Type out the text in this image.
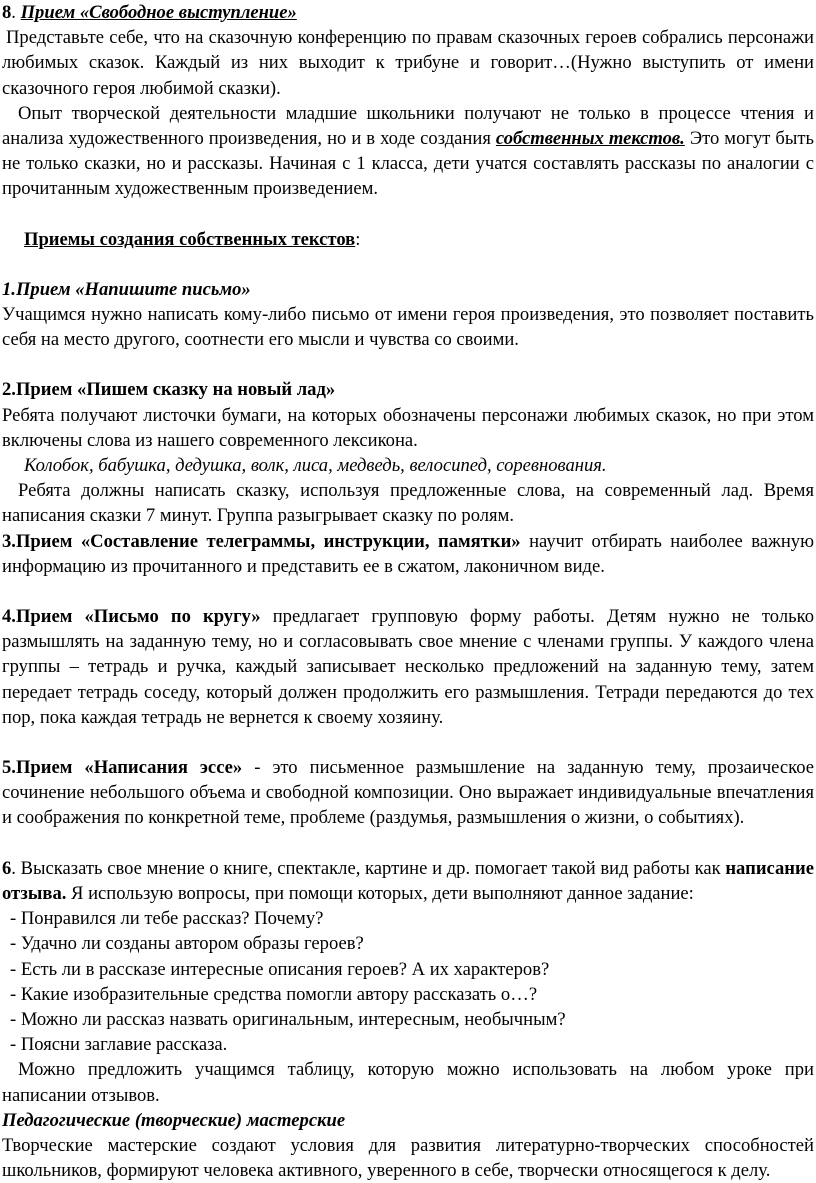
8. Прием «Свободное выступление»

Представьте себе, что на сказочную конференцию по правам сказочных героев собрались персонажи любимых сказок. Каждый из них выходит к трибуне и говорит…(Нужно выступить от имени сказочного героя любимой сказки).

Опыт творческой деятельности младшие школьники получают не только в процессе чтения и анализа художественного произведения, но и в ходе создания собственных текстов. Это могут быть не только сказки, но и рассказы. Начиная с 1 класса, дети учатся составлять рассказы по аналогии с прочитанным художественным произведением.

Приемы создания собственных текстов:

1.Прием «Напишите письмо»

Учащимся нужно написать кому-либо письмо от имени героя произведения, это позволяет поставить себя на место другого, соотнести его мысли и чувства со своими.

2.Прием «Пишем сказку на новый лад»

Ребята получают листочки бумаги, на которых обозначены персонажи любимых сказок, но при этом включены слова из нашего современного лексикона.

Колобок, бабушка, дедушка, волк, лиса, медведь, велосипед, соревнования.

Ребята должны написать сказку, используя предложенные слова, на современный лад. Время написания сказки 7 минут. Группа разыгрывает сказку по ролям.

3.Прием «Составление телеграммы, инструкции, памятки» научит отбирать наиболее важную информацию из прочитанного и представить ее в сжатом, лаконичном виде.

4.Прием «Письмо по кругу» предлагает групповую форму работы. Детям нужно не только размышлять на заданную тему, но и согласовывать свое мнение с членами группы. У каждого члена группы – тетрадь и ручка, каждый записывает несколько предложений на заданную тему, затем передает тетрадь соседу, который должен продолжить его размышления. Тетради передаются до тех пор, пока каждая тетрадь не вернется к своему хозяину.

5.Прием «Написания эссе» - это письменное размышление на заданную тему, прозаическое сочинение небольшого объема и свободной композиции. Оно выражает индивидуальные впечатления и соображения по конкретной теме, проблеме (раздумья, размышления о жизни, о событиях).

6. Высказать свое мнение о книге, спектакле, картине и др. помогает такой вид работы как написание отзыва. Я использую вопросы, при помощи которых, дети выполняют данное задание:

- Понравился ли тебе рассказ? Почему?

- Удачно ли созданы автором образы героев?

- Есть ли в рассказе интересные описания героев? А их характеров?

- Какие изобразительные средства помогли автору рассказать о…?

- Можно ли рассказ назвать оригинальным, интересным, необычным?

- Поясни заглавие рассказа.

Можно предложить учащимся таблицу, которую можно использовать на любом уроке при написании отзывов.

Педагогические (творческие) мастерские

Творческие мастерские создают условия для развития литературно-творческих способностей школьников, формируют человека активного, уверенного в себе, творчески относящегося к делу.
